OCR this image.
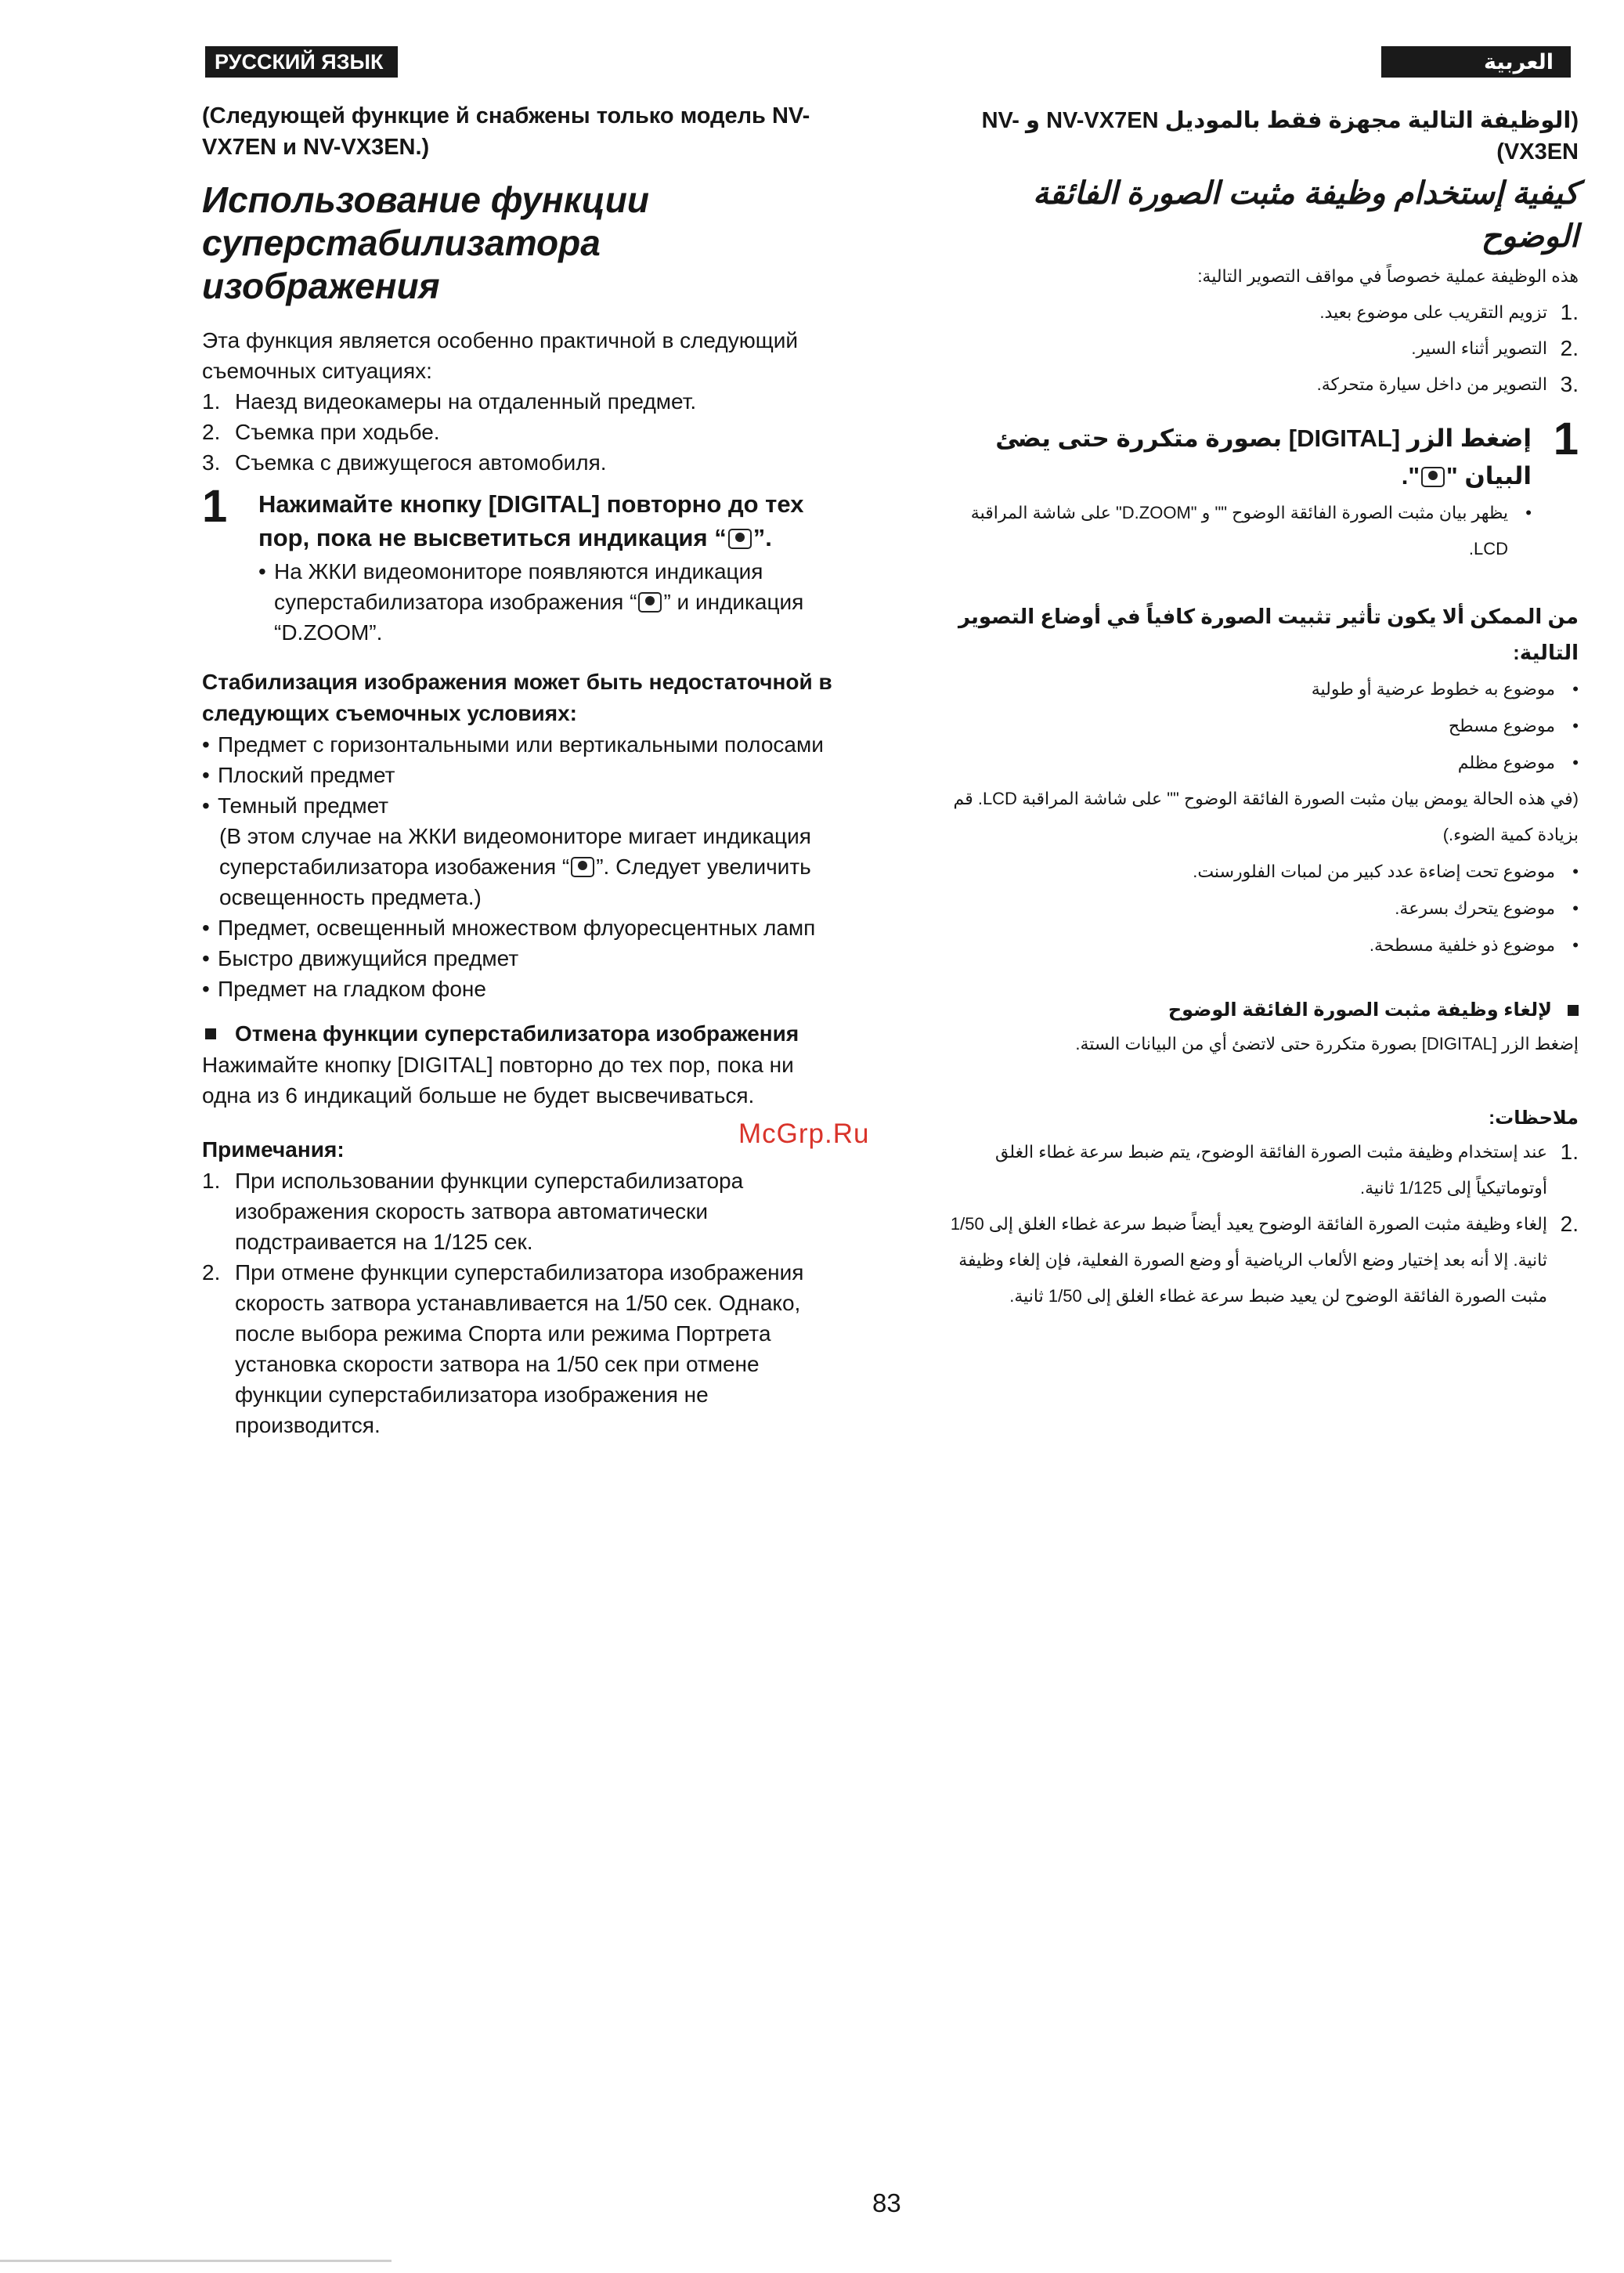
РУССКИЙ ЯЗЫК	العربية
(Следующей функцие й снабжены только модель NV-VX7EN и NV-VX3EN.)
Использование функции суперстабилизатора изображения
Эта функция является особенно практичной в следующий съемочных ситуациях:
1. Наезд видеокамеры на отдаленный предмет.
2. Съемка при ходьбе.
3. Съемка с движущегося автомобиля.
1	Нажимайте кнопку [DIGITAL] повторно до тех пор, пока не высветиться индикация “ ”.
• На ЖКИ видеомониторе появляются индикация суперстабилизатора изображения “ ” и индикация “D.ZOOM”.
Стабилизация изображения может быть недостаточной в следующих съемочных условиях:
• Предмет с горизонтальными или вертикальными полосами
• Плоский предмет
• Темный предмет
(В этом случае на ЖКИ видеомониторе мигает индикация суперстабилизатора изобажения “ ”. Следует увеличить освещенность предмета.)
• Предмет, освещенный множеством флуоресцентных ламп
• Быстро движущийся предмет
• Предмет на гладком фоне
Отмена функции суперстабилизатора изображения
Нажимайте кнопку [DIGITAL] повторно до тех пор, пока ни одна из 6 индикаций больше не будет высвечиваться.
Примечания:
1. При использовании функции суперстабилизатора изображения скорость затвора автоматически подстраивается на 1/125 сек.
2. При отмене функции суперстабилизатора изображения скорость затвора устанавливается на 1/50 сек. Однако, после выбора режима Спорта или режима Портрета установка скорости затвора на 1/50 сек при отмене функции суперстабилизатора изображения не производится.
(الوظيفة التالية مجهزة فقط بالموديل NV-VX7EN و NV-VX3EN)
كيفية إستخدام وظيفة مثبت الصورة الفائقة الوضوح
هذه الوظيفة عملية خصوصاً في مواقف التصوير التالية:
.1
تزويم التقريب على موضوع بعيد.
.2
التصوير أثناء السير.
.3
التصوير من داخل سيارة متحركة.
1
إضغط الزر [DIGITAL] بصورة متكررة حتى يضئ البيان "".
•
يظهر بيان مثبت الصورة الفائقة الوضوح "" و "D.ZOOM" على شاشة المراقبة LCD.
من الممكن ألا يكون تأثير تثبيت الصورة كافياً في أوضاع التصوير التالية:
•
موضوع به خطوط عرضية أو طولية
•
موضوع مسطح
•
موضوع مظلم
(في هذه الحالة يومض بيان مثبت الصورة الفائقة الوضوح "" على شاشة المراقبة LCD. قم بزيادة كمية الضوء.)
•
موضوع تحت إضاءة عدد كبير من لمبات الفلورسنت.
•
موضوع يتحرك بسرعة.
•
موضوع ذو خلفية مسطحة.
لإلغاء وظيفة مثبت الصورة الفائقة الوضوح
إضغط الزر [DIGITAL] بصورة متكررة حتى لاتضئ أي من البيانات الستة.
ملاحظات:
.1
عند إستخدام وظيفة مثبت الصورة الفائقة الوضوح، يتم ضبط سرعة غطاء الغلق أوتوماتيكياً إلى 1/125 ثانية.
.2
إلغاء وظيفة مثبت الصورة الفائقة الوضوح يعيد أيضاً ضبط سرعة غطاء الغلق إلى 1/50 ثانية. إلا أنه بعد إختيار وضع الألعاب الرياضية أو وضع الصورة الفعلية، فإن إلغاء وظيفة مثبت الصورة الفائقة الوضوح لن يعيد ضبط سرعة غطاء الغلق إلى 1/50 ثانية.
McGrp.Ru
83
